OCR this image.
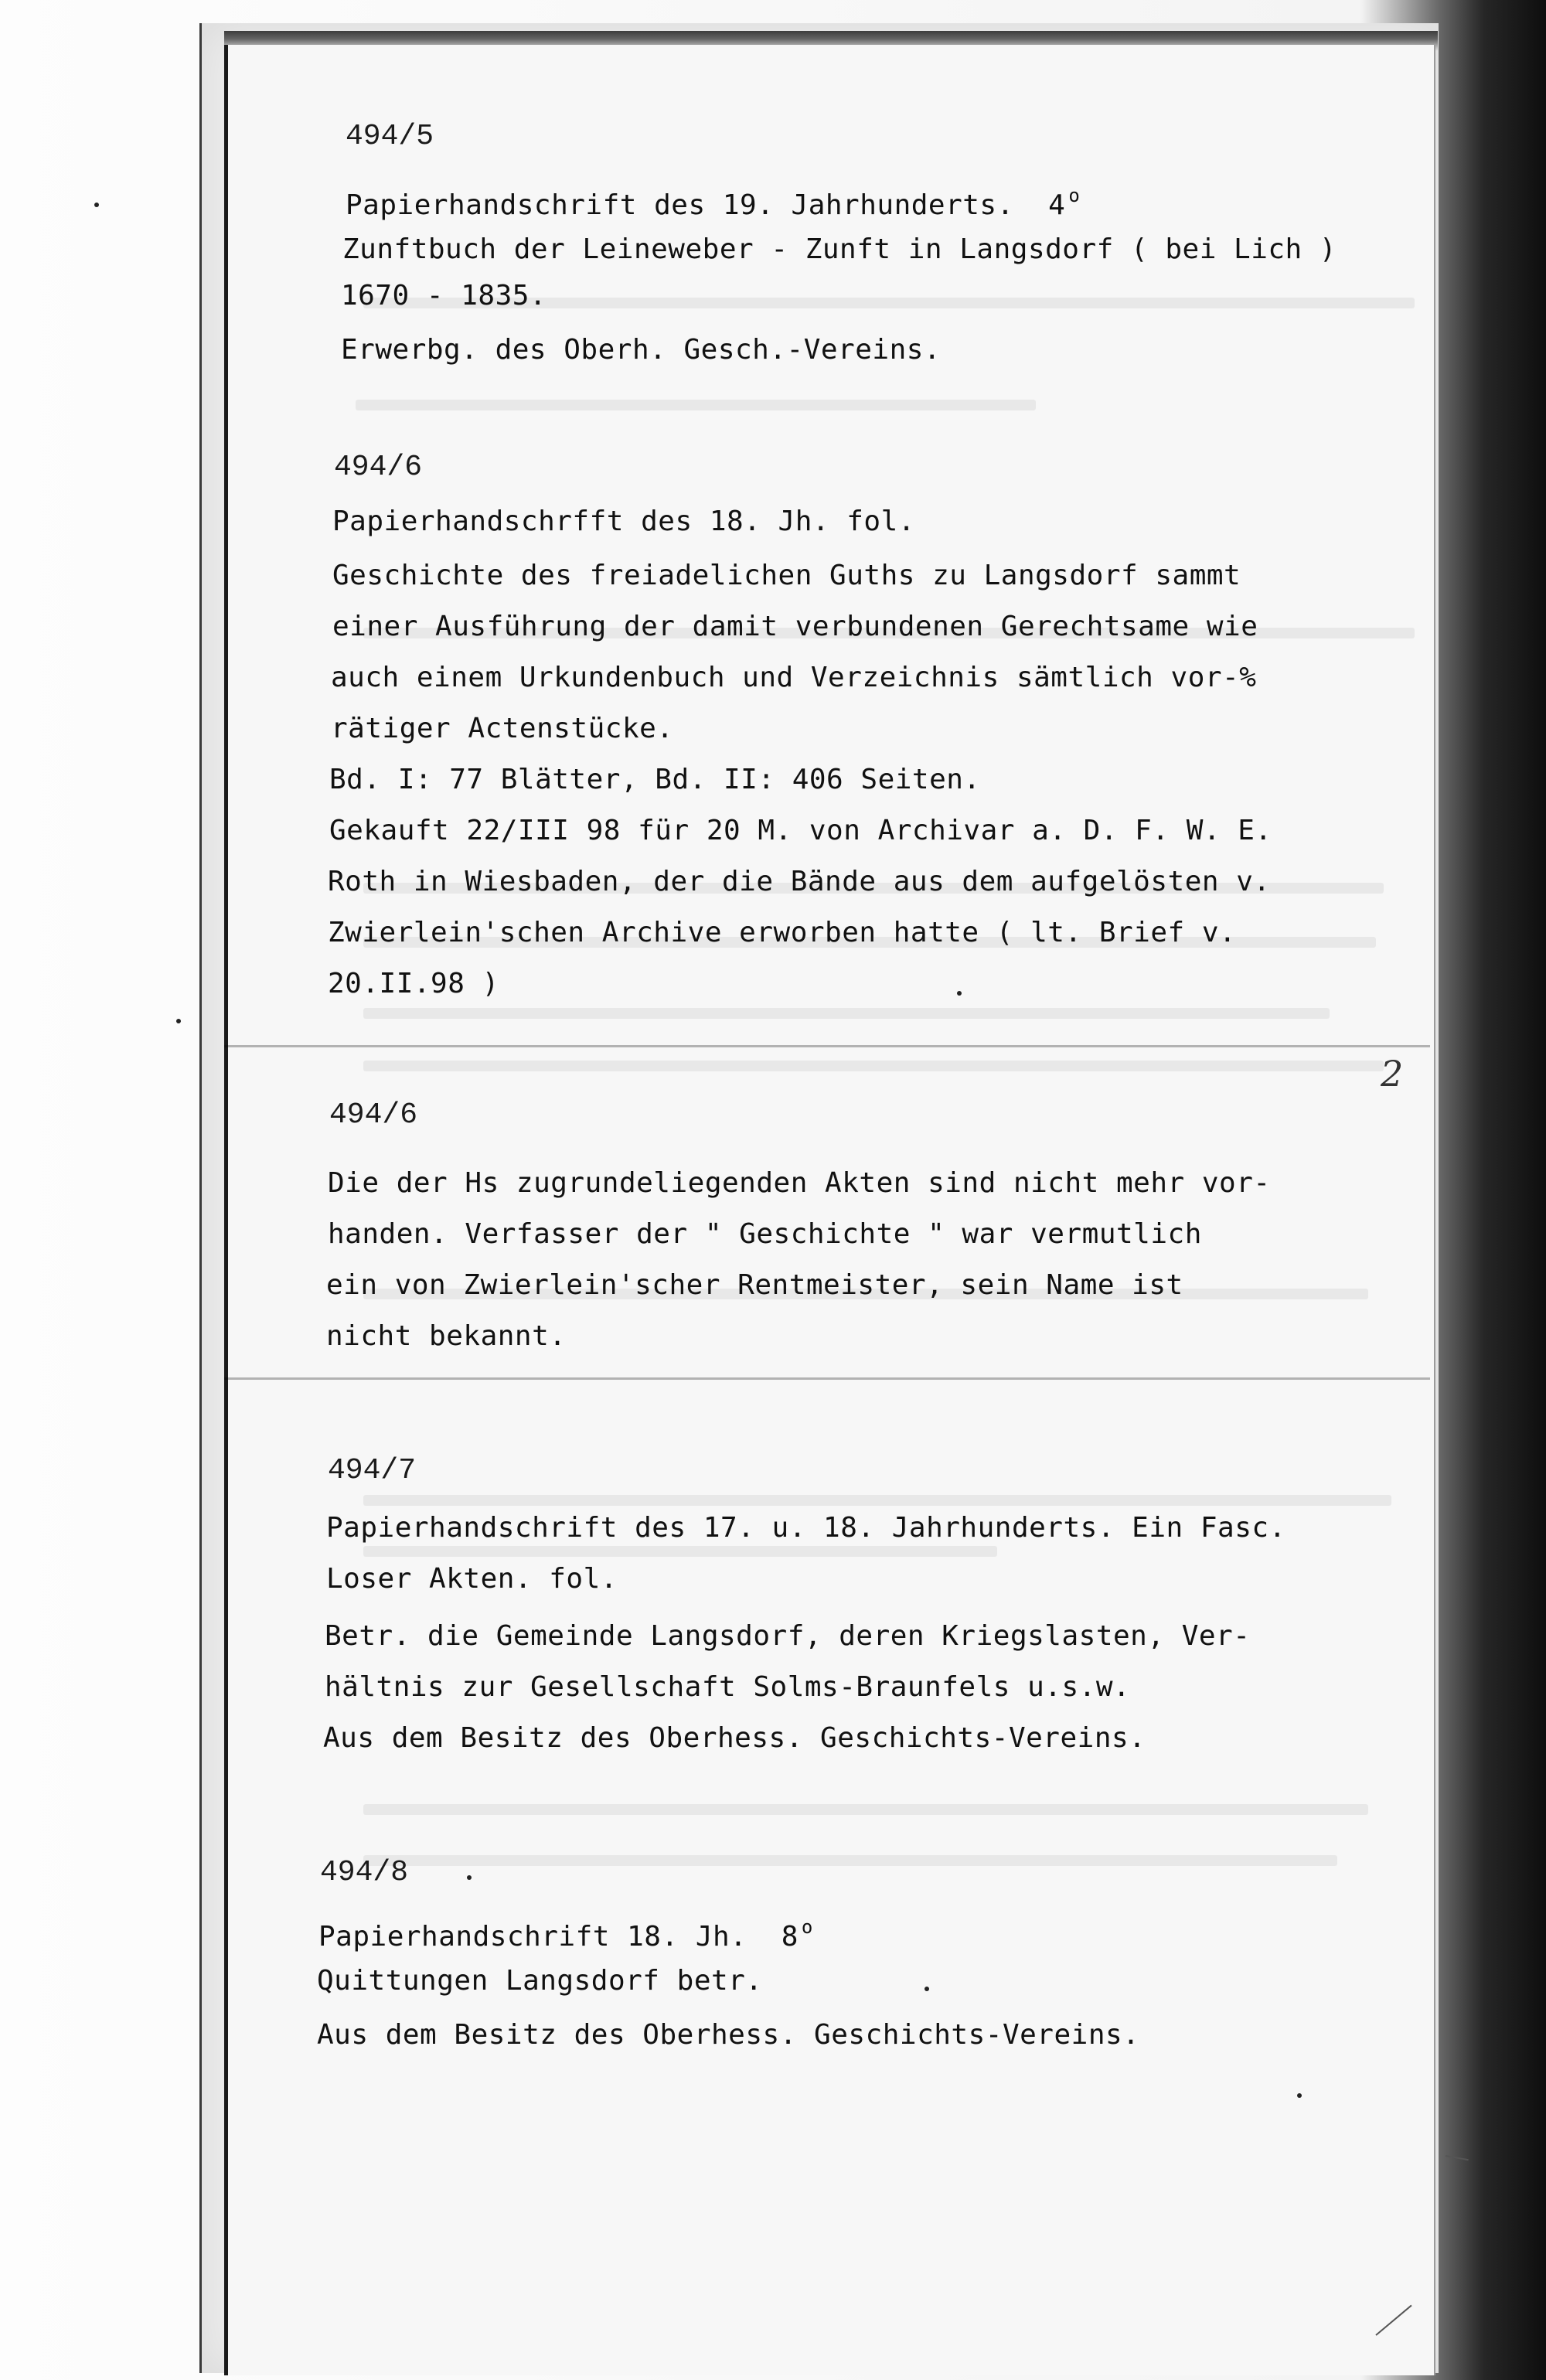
494/5
Papierhandschrift des 19. Jahrhunderts.  4 $^o$
Zunftbuch der Leineweber - Zunft in Langsdorf ( bei Lich )
1670 - 1835.
Erwerbg. des Oberh. Gesch.-Vereins.
494/6
Papierhandschrfft des 18. Jh. fol.
Geschichte des freiadelichen Guths zu Langsdorf sammt
einer Ausführung der damit verbundenen Gerechtsame wie
auch einem Urkundenbuch und Verzeichnis sämtlich vor-%
rätiger Actenstücke.
Bd. I: 77 Blätter, Bd. II: 406 Seiten.
Gekauft 22/III 98 für 20 M. von Archivar a. D. F. W. E.
Roth in Wiesbaden, der die Bände aus dem aufgelösten v.
Zwierlein'schen Archive erworben hatte ( lt. Brief v.
20.II.98 )
494/6
Die der Hs zugrundeliegenden Akten sind nicht mehr vor-
handen. Verfasser der " Geschichte " war vermutlich
ein von Zwierlein'scher Rentmeister, sein Name ist
nicht bekannt.
494/7
Papierhandschrift des 17. u. 18. Jahrhunderts. Ein Fasc.
Loser Akten. fol.
Betr. die Gemeinde Langsdorf, deren Kriegslasten, Ver-
hältnis zur Gesellschaft Solms-Braunfels u.s.w.
Aus dem Besitz des Oberhess. Geschichts-Vereins.
494/8
Papierhandschrift 18. Jh.  8 $^o$
Quittungen Langsdorf betr.
Aus dem Besitz des Oberhess. Geschichts-Vereins.
2
